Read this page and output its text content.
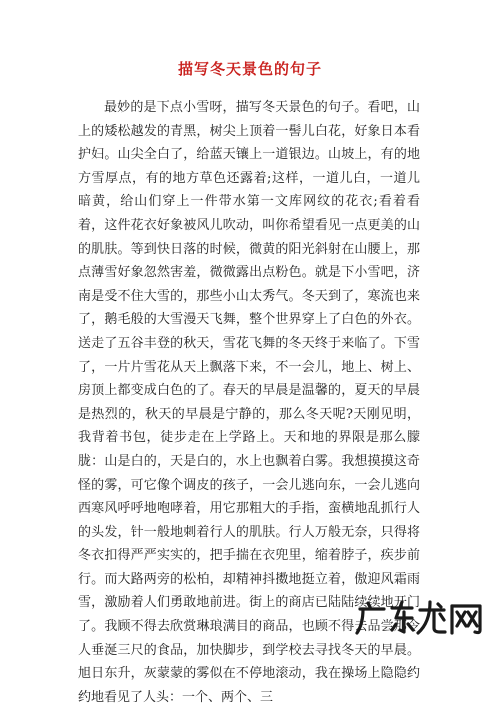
描写冬天景色的句子

最妙的是下点小雪呀，描写冬天景色的句子。看吧，山上的矮松越发的青黑，树尖上顶着一髻儿白花，好象日本看护妇。山尖全白了，给蓝天镶上一道银边。山坡上，有的地方雪厚点，有的地方草色还露着;这样，一道儿白，一道儿暗黄，给山们穿上一件带水第一文库网纹的花衣;看着看着，这件花衣好象被风儿吹动，叫你希望看见一点更美的山的肌肤。等到快日落的时候，微黄的阳光斜射在山腰上，那点薄雪好象忽然害羞，微微露出点粉色。就是下小雪吧，济南是受不住大雪的，那些小山太秀气。冬天到了，寒流也来了，鹅毛般的大雪漫天飞舞，整个世界穿上了白色的外衣。送走了五谷丰登的秋天，雪花飞舞的冬天终于来临了。下雪了，一片片雪花从天上飘落下来，不一会儿，地上、树上、房顶上都变成白色的了。春天的早晨是温馨的，夏天的早晨是热烈的，秋天的早晨是宁静的，那么冬天呢?天刚见明，我背着书包，徒步走在上学路上。天和地的界限是那么朦胧：山是白的，天是白的，水上也飘着白雾。我想摸摸这奇怪的雾，可它像个调皮的孩子，一会儿逃向东，一会儿逃向西寒风呼呼地咆哮着，用它那粗大的手指，蛮横地乱抓行人的头发，针一般地刺着行人的肌肤。行人万般无奈，只得将冬衣扣得严严实实的，把手揣在衣兜里，缩着脖子，疾步前行。而大路两旁的松柏，却精神抖擞地挺立着，傲迎风霜雨雪，激励着人们勇敢地前进。街上的商店已陆陆续续地开门了。我顾不得去欣赏琳琅满目的商品，也顾不得去品尝那令人垂涎三尺的食品，加快脚步，到学校去寻找冬天的早晨。旭日东升，灰蒙蒙的雾似在不停地滚动，我在操场上隐隐约约地看见了人头：一个、两个、三
